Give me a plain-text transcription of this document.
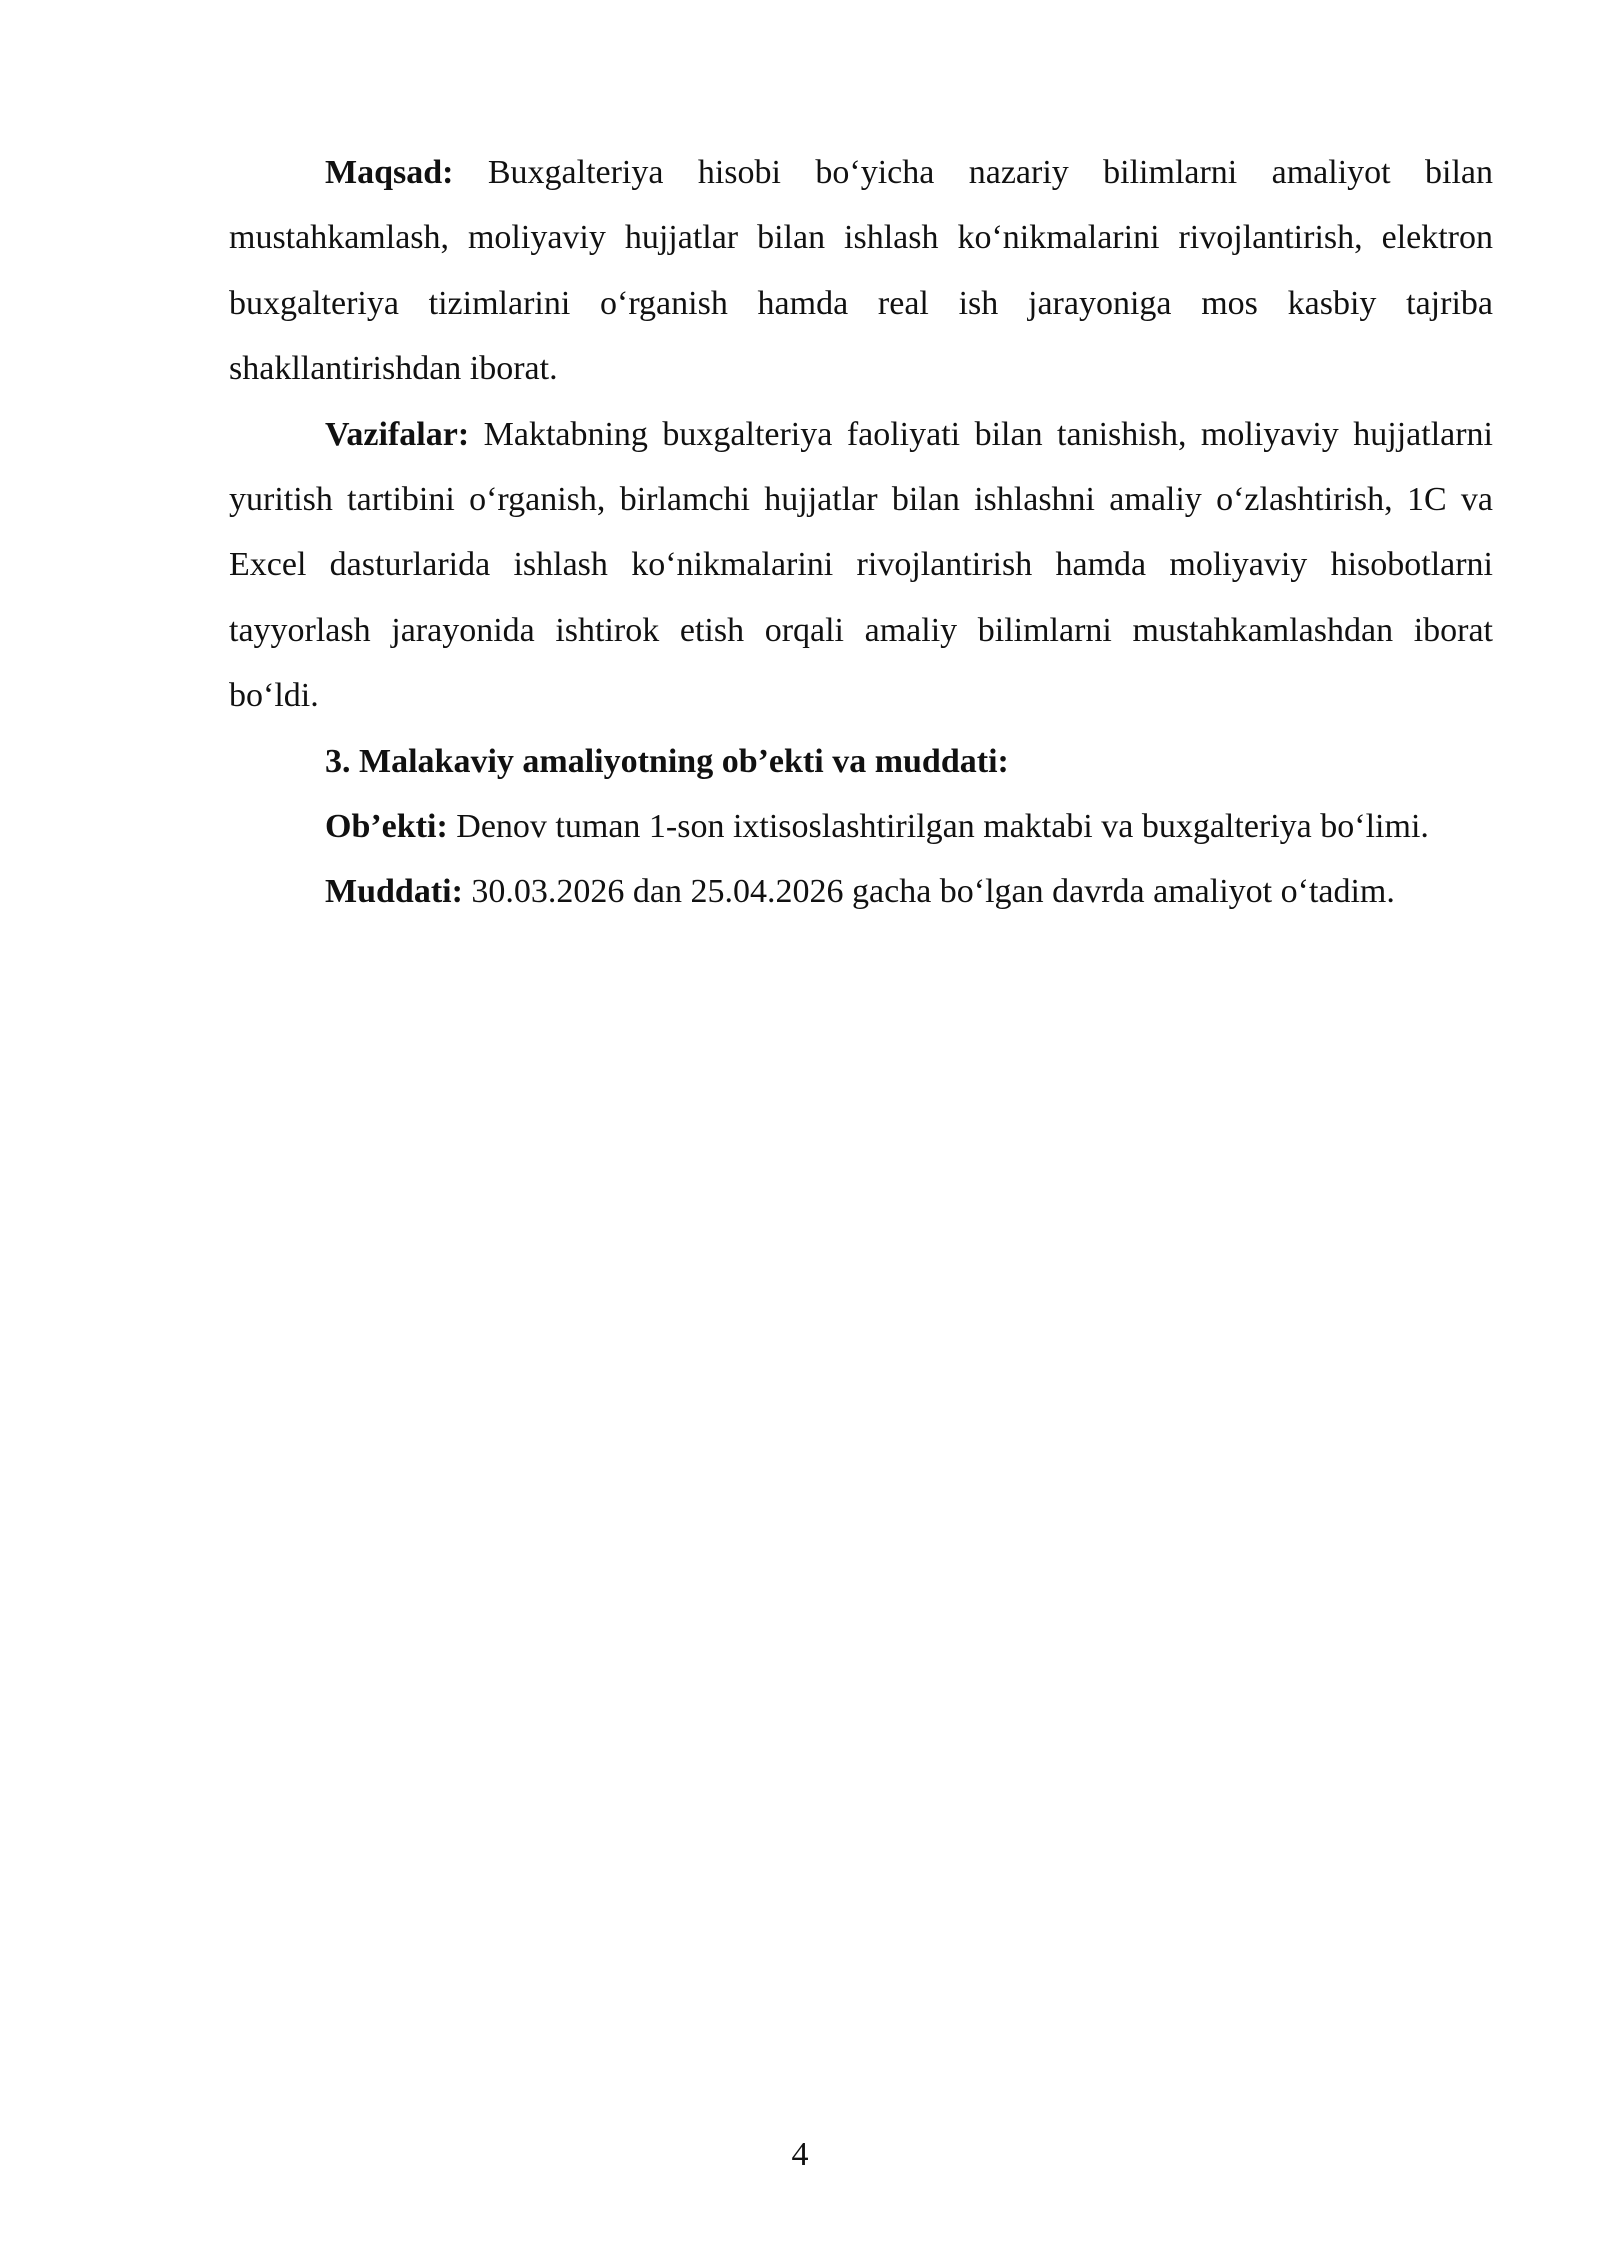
Maqsad: Buxgalteriya hisobi bo‘yicha nazariy bilimlarni amaliyot bilan mustahkamlash, moliyaviy hujjatlar bilan ishlash ko‘nikmalarini rivojlantirish, elektron buxgalteriya tizimlarini o‘rganish hamda real ish jarayoniga mos kasbiy tajriba shakllantirishdan iborat.

Vazifalar: Maktabning buxgalteriya faoliyati bilan tanishish, moliyaviy hujjatlarni yuritish tartibini o‘rganish, birlamchi hujjatlar bilan ishlashni amaliy o‘zlashtirish, 1C va Excel dasturlarida ishlash ko‘nikmalarini rivojlantirish hamda moliyaviy hisobotlarni tayyorlash jarayonida ishtirok etish orqali amaliy bilimlarni mustahkamlashdan iborat bo‘ldi.

3. Malakaviy amaliyotning ob’ekti va muddati:

Ob’ekti: Denov tuman 1-son ixtisoslashtirilgan maktabi va buxgalteriya bo‘limi.

Muddati: 30.03.2026 dan 25.04.2026 gacha bo‘lgan davrda amaliyot o‘tadim.

4
